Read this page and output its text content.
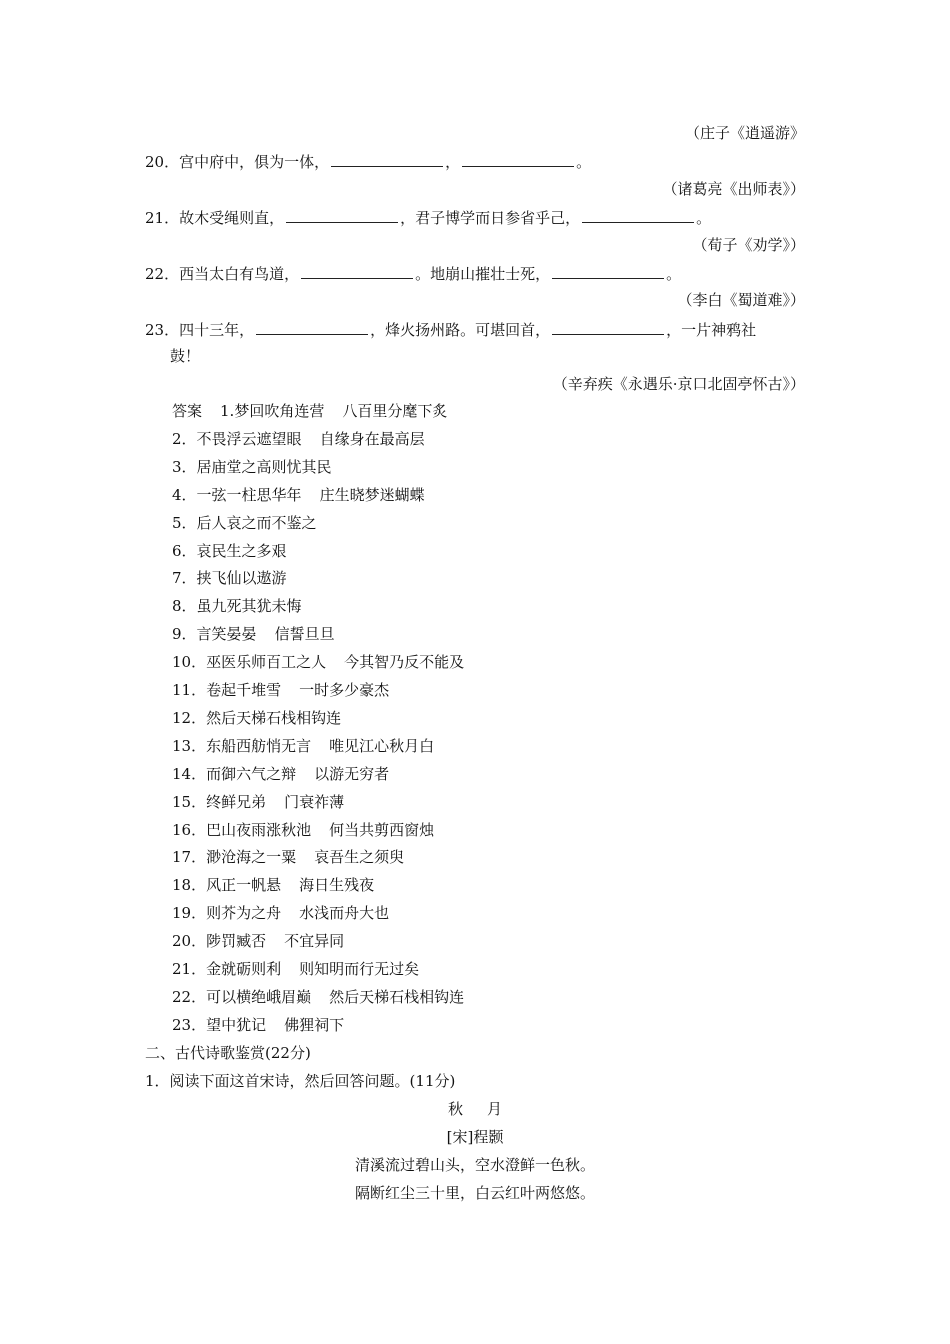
（庄子《逍遥游》
20．宫中府中，俱为一体，	，	。
（诸葛亮《出师表》）
21．故木受绳则直，	，君子博学而日参省乎己，	。
（荀子《劝学》）
22．西当太白有鸟道，	。地崩山摧壮士死，	。
（李白《蜀道难》）
23．四十三年，	，烽火扬州路。可堪回首，	，一片神鸦社
鼓！
（辛弃疾《永遇乐·京口北固亭怀古》）
答案 1.梦回吹角连营 八百里分麾下炙
2．不畏浮云遮望眼 自缘身在最高层
3．居庙堂之高则忧其民
4．一弦一柱思华年 庄生晓梦迷蝴蝶
5．后人哀之而不鉴之
6．哀民生之多艰
7．挟飞仙以遨游
8．虽九死其犹未悔
9．言笑晏晏 信誓旦旦
10．巫医乐师百工之人 今其智乃反不能及
11．卷起千堆雪 一时多少豪杰
12．然后天梯石栈相钩连
13．东船西舫悄无言 唯见江心秋月白
14．而御六气之辩 以游无穷者
15．终鲜兄弟 门衰祚薄
16．巴山夜雨涨秋池 何当共剪西窗烛
17．渺沧海之一粟 哀吾生之须臾
18．风正一帆悬 海日生残夜
19．则芥为之舟 水浅而舟大也
20．陟罚臧否 不宜异同
21．金就砺则利 则知明而行无过矣
22．可以横绝峨眉巅 然后天梯石栈相钩连
23．望中犹记 佛狸祠下
二、古代诗歌鉴赏(22分)
1．阅读下面这首宋诗，然后回答问题。(11分)
秋 月
[宋]程颢
清溪流过碧山头，空水澄鲜一色秋。
隔断红尘三十里，白云红叶两悠悠。
